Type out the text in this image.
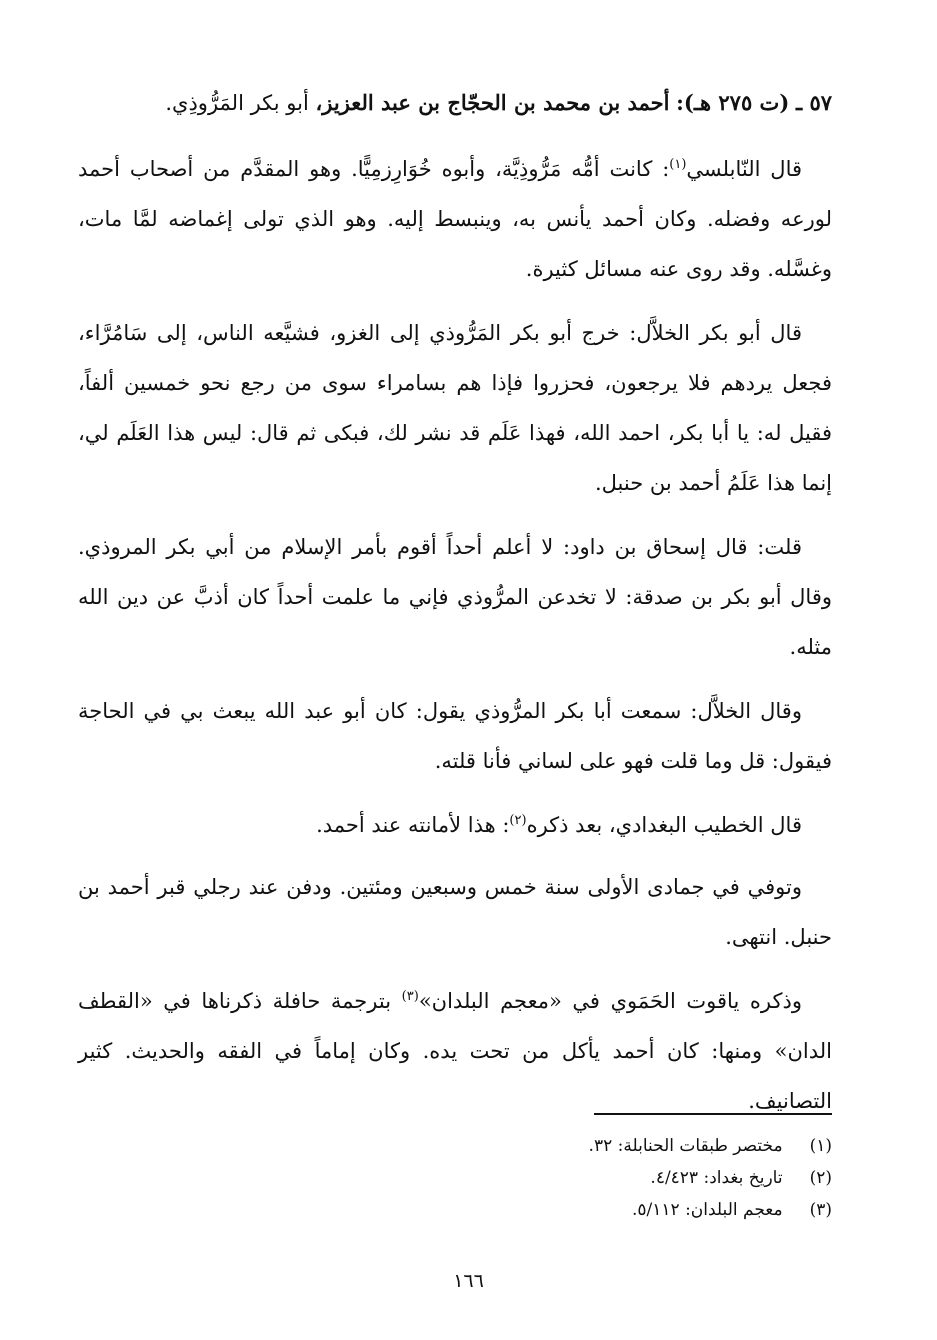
٥٧ ـ (ت ٢٧٥ هـ): أحمد بن محمد بن الحجّاج بن عبد العزيز، أبو بكر المَرُّوذِي.

قال النّابلسي$^{(١)}$: كانت أمُّه مَرُّوذِيَّة، وأبوه خُوَارِزمِيًّا. وهو المقدَّم من أصحاب أحمد لورعه وفضله. وكان أحمد يأنس به، وينبسط إليه. وهو الذي تولى إغماضه لمَّا مات، وغسَّله. وقد روى عنه مسائل كثيرة.

قال أبو بكر الخلاَّل: خرج أبو بكر المَرُّوذي إلى الغزو، فشيَّعه الناس، إلى سَامُرَّاء، فجعل يردهم فلا يرجعون، فحزروا فإذا هم بسامراء سوى من رجع نحو خمسين ألفاً، فقيل له: يا أبا بكر، احمد الله، فهذا عَلَم قد نشر لك، فبكى ثم قال: ليس هذا العَلَم لي، إنما هذا عَلَمُ أحمد بن حنبل.

قلت: قال إسحاق بن داود: لا أعلم أحداً أقوم بأمر الإسلام من أبي بكر المروذي. وقال أبو بكر بن صدقة: لا تخدعن المرُّوذي فإني ما علمت أحداً كان أذبَّ عن دين الله مثله.

وقال الخلاَّل: سمعت أبا بكر المرُّوذي يقول: كان أبو عبد الله يبعث بي في الحاجة فيقول: قل وما قلت فهو على لساني فأنا قلته.

قال الخطيب البغدادي، بعد ذكره$^{(٢)}$: هذا لأمانته عند أحمد.

وتوفي في جمادى الأولى سنة خمس وسبعين ومئتين. ودفن عند رجلي قبر أحمد بن حنبل. انتهى.

وذكره ياقوت الحَمَوي في «معجم البلدان»$^{(٣)}$ بترجمة حافلة ذكرناها في «القطف الدان» ومنها: كان أحمد يأكل من تحت يده. وكان إماماً في الفقه والحديث. كثير التصانيف.

(١) مختصر طبقات الحنابلة: ٣٢.
(٢) تاريخ بغداد: ٤/٤٢٣.
(٣) معجم البلدان: ٥/١١٢.
١٦٦
